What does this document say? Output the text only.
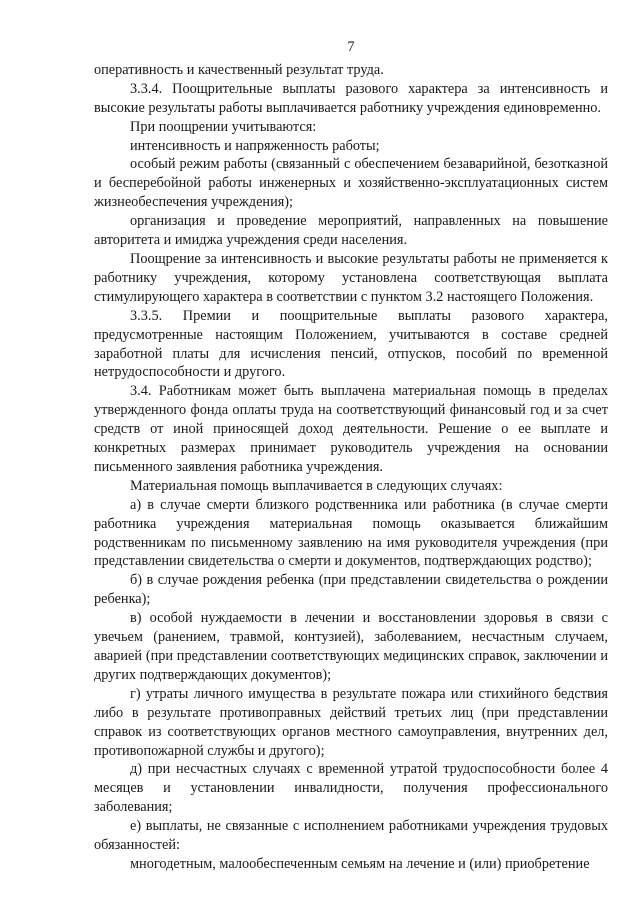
7

оперативность и качественный результат труда.

3.3.4. Поощрительные выплаты разового характера за интенсивность и высокие результаты работы выплачивается работнику учреждения единовременно.

При поощрении учитываются:

интенсивность и напряженность работы;

особый режим работы (связанный с обеспечением безаварийной, безотказной и бесперебойной работы инженерных и хозяйственно-эксплуатационных систем жизнеобеспечения учреждения);

организация и проведение мероприятий, направленных на повышение авторитета и имиджа учреждения среди населения.

Поощрение за интенсивность и высокие результаты работы не применяется к работнику учреждения, которому установлена соответствующая выплата стимулирующего характера в соответствии с пунктом 3.2 настоящего Положения.

3.3.5. Премии и поощрительные выплаты разового характера, предусмотренные настоящим Положением, учитываются в составе средней заработной платы для исчисления пенсий, отпусков, пособий по временной нетрудоспособности и другого.

3.4. Работникам может быть выплачена материальная помощь в пределах утвержденного фонда оплаты труда на соответствующий финансовый год и за счет средств от иной приносящей доход деятельности. Решение о ее выплате и конкретных размерах принимает руководитель учреждения на основании письменного заявления работника учреждения.

Материальная помощь выплачивается в следующих случаях:

а) в случае смерти близкого родственника или работника (в случае смерти работника учреждения материальная помощь оказывается ближайшим родственникам по письменному заявлению на имя руководителя учреждения (при представлении свидетельства о смерти и документов, подтверждающих родство);

б) в случае рождения ребенка (при представлении свидетельства о рождении ребенка);

в) особой нуждаемости в лечении и восстановлении здоровья в связи с увечьем (ранением, травмой, контузией), заболеванием, несчастным случаем, аварией (при представлении соответствующих медицинских справок, заключении и других подтверждающих документов);

г) утраты личного имущества в результате пожара или стихийного бедствия либо в результате противоправных действий третьих лиц (при представлении справок из соответствующих органов местного самоуправления, внутренних дел, противопожарной службы и другого);

д) при несчастных случаях с временной утратой трудоспособности более 4 месяцев и установлении инвалидности, получения профессионального заболевания;

е) выплаты, не связанные с исполнением работниками учреждения трудовых обязанностей:

многодетным, малообеспеченным семьям на лечение и (или) приобретение
